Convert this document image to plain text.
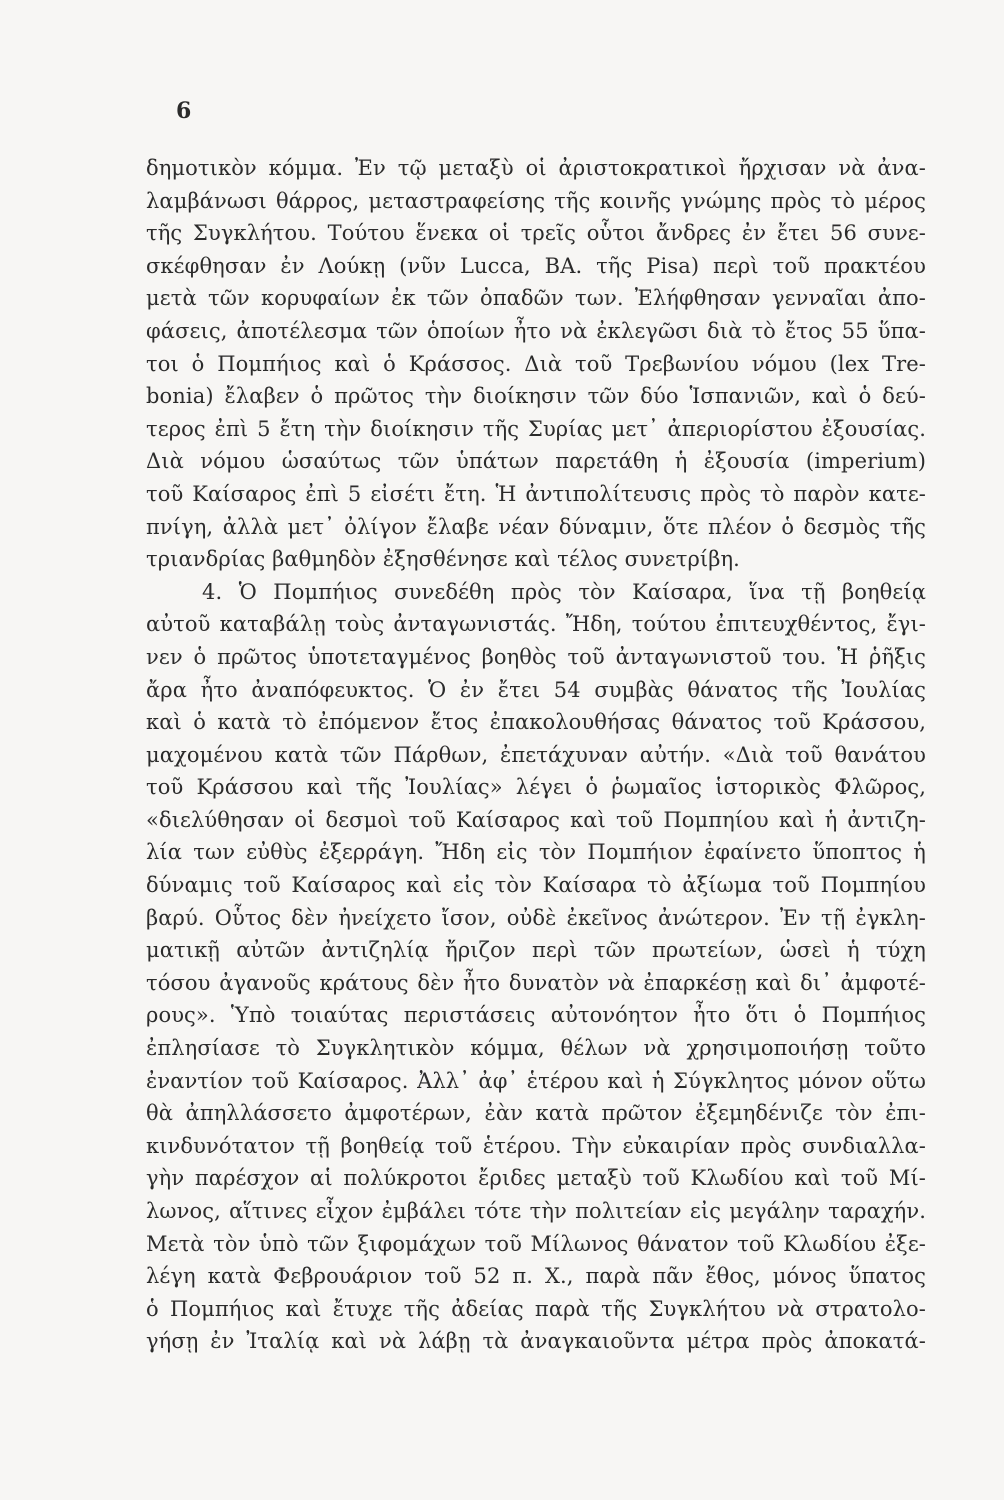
6
δημοτικὸν κόμμα. Ἐν τῷ μεταξὺ οἱ ἀριστοκρατικοὶ ἤρχισαν νὰ ἀνα-
λαμβάνωσι θάρρος, μεταστραφείσης τῆς κοινῆς γνώμης πρὸς τὸ μέρος
τῆς Συγκλήτου. Τούτου ἕνεκα οἱ τρεῖς οὗτοι ἄνδρες ἐν ἔτει 56 συνε-
σκέφθησαν ἐν Λούκῃ (νῦν Lucca, ΒΑ. τῆς Pisa) περὶ τοῦ πρακτέου
μετὰ τῶν κορυφαίων ἐκ τῶν ὀπαδῶν των. Ἐλήφθησαν γενναῖαι ἀπο-
φάσεις, ἀποτέλεσμα τῶν ὁποίων ἦτο νὰ ἐκλεγῶσι διὰ τὸ ἔτος 55 ὕπα-
τοι ὁ Πομπήιος καὶ ὁ Κράσσος. Διὰ τοῦ Τρεβωνίου νόμου (lex Tre-
bonia) ἔλαβεν ὁ πρῶτος τὴν διοίκησιν τῶν δύο Ἱσπανιῶν, καὶ ὁ δεύ-
τερος ἐπὶ 5 ἔτη τὴν διοίκησιν τῆς Συρίας μετ᾽ ἀπεριορίστου ἐξουσίας.
Διὰ νόμου ὡσαύτως τῶν ὑπάτων παρετάθη ἡ ἐξουσία (imperium)
τοῦ Καίσαρος ἐπὶ 5 εἰσέτι ἔτη. Ἡ ἀντιπολίτευσις πρὸς τὸ παρὸν κατε-
πνίγη, ἀλλὰ μετ᾽ ὀλίγον ἔλαβε νέαν δύναμιν, ὅτε πλέον ὁ δεσμὸς τῆς
τριανδρίας βαθμηδὸν ἐξησθένησε καὶ τέλος συνετρίβη.
4. Ὁ Πομπήιος συνεδέθη πρὸς τὸν Καίσαρα, ἵνα τῇ βοηθείᾳ
αὐτοῦ καταβάλῃ τοὺς ἀνταγωνιστάς. Ἤδη, τούτου ἐπιτευχθέντος, ἔγι-
νεν ὁ πρῶτος ὑποτεταγμένος βοηθὸς τοῦ ἀνταγωνιστοῦ του. Ἡ ῥῆξις
ἄρα ἦτο ἀναπόφευκτος. Ὁ ἐν ἔτει 54 συμβὰς θάνατος τῆς Ἰουλίας
καὶ ὁ κατὰ τὸ ἐπόμενον ἔτος ἐπακολουθήσας θάνατος τοῦ Κράσσου,
μαχομένου κατὰ τῶν Πάρθων, ἐπετάχυναν αὐτήν. «Διὰ τοῦ θανάτου
τοῦ Κράσσου καὶ τῆς Ἰουλίας» λέγει ὁ ῥωμαῖος ἱστορικὸς Φλῶρος,
«διελύθησαν οἱ δεσμοὶ τοῦ Καίσαρος καὶ τοῦ Πομπηίου καὶ ἡ ἀντιζη-
λία των εὐθὺς ἐξερράγη. Ἤδη εἰς τὸν Πομπήιον ἐφαίνετο ὕποπτος ἡ
δύναμις τοῦ Καίσαρος καὶ εἰς τὸν Καίσαρα τὸ ἀξίωμα τοῦ Πομπηίου
βαρύ. Οὗτος δὲν ἠνείχετο ἴσον, οὐδὲ ἐκεῖνος ἀνώτερον. Ἐν τῇ ἐγκλη-
ματικῇ αὐτῶν ἀντιζηλίᾳ ἤριζον περὶ τῶν πρωτείων, ὡσεὶ ἡ τύχη
τόσου ἀγανοῦς κράτους δὲν ἦτο δυνατὸν νὰ ἐπαρκέσῃ καὶ δι᾽ ἀμφοτέ-
ρους». Ὑπὸ τοιαύτας περιστάσεις αὐτονόητον ἦτο ὅτι ὁ Πομπήιος
ἐπλησίασε τὸ Συγκλητικὸν κόμμα, θέλων νὰ χρησιμοποιήσῃ τοῦτο
ἐναντίον τοῦ Καίσαρος. Ἀλλ᾽ ἀφ᾽ ἑτέρου καὶ ἡ Σύγκλητος μόνον οὕτω
θὰ ἀπηλλάσσετο ἀμφοτέρων, ἐὰν κατὰ πρῶτον ἐξεμηδένιζε τὸν ἐπι-
κινδυνότατον τῇ βοηθείᾳ τοῦ ἑτέρου. Τὴν εὐκαιρίαν πρὸς συνδιαλλα-
γὴν παρέσχον αἱ πολύκροτοι ἔριδες μεταξὺ τοῦ Κλωδίου καὶ τοῦ Μί-
λωνος, αἵτινες εἶχον ἐμβάλει τότε τὴν πολιτείαν εἰς μεγάλην ταραχήν.
Μετὰ τὸν ὑπὸ τῶν ξιφομάχων τοῦ Μίλωνος θάνατον τοῦ Κλωδίου ἐξε-
λέγη κατὰ Φεβρουάριον τοῦ 52 π. Χ., παρὰ πᾶν ἔθος, μόνος ὕπατος
ὁ Πομπήιος καὶ ἔτυχε τῆς ἀδείας παρὰ τῆς Συγκλήτου νὰ στρατολο-
γήσῃ ἐν Ἰταλίᾳ καὶ νὰ λάβῃ τὰ ἀναγκαιοῦντα μέτρα πρὸς ἀποκατά-
